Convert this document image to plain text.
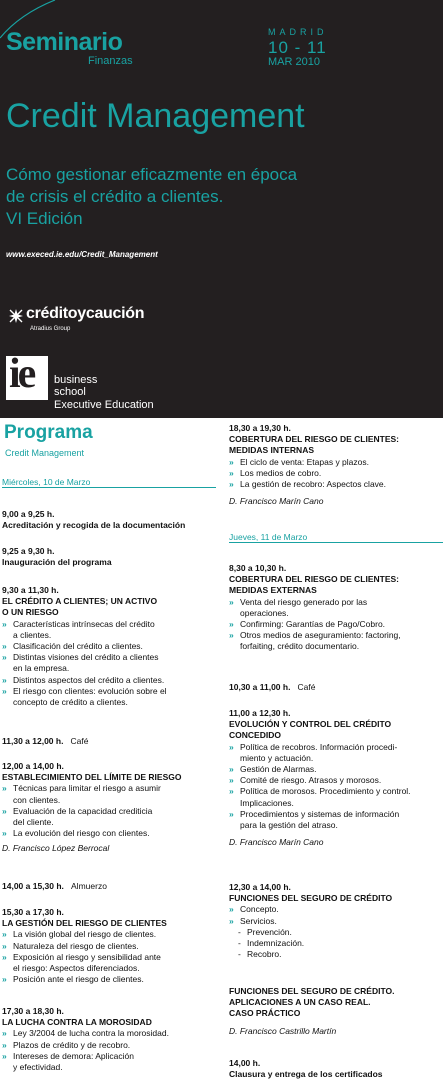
Seminario
Finanzas
MADRID
10 - 11
MAR 2010
Credit Management
Cómo gestionar eficazmente en época
de crisis el crédito a clientes.
VI Edición
www.execed.ie.edu/Credit_Management
créditoycaución
Atradius Group
ie business
school
Executive Education
Programa
Credit Management
Miércoles, 10 de Marzo
9,00 a 9,25 h.
Acreditación y recogida de la documentación
9,25 a 9,30 h.
Inauguración del programa
9,30 a 11,30 h.
EL CRÉDITO A CLIENTES; UN ACTIVO
O UN RIESGO
» Características intrínsecas del crédito
a clientes.
» Clasificación del crédito a clientes.
» Distintas visiones del crédito a clientes
en la empresa.
» Distintos aspectos del crédito a clientes.
» El riesgo con clientes: evolución sobre el
concepto de crédito a clientes.
11,30 a 12,00 h. Café
12,00 a 14,00 h.
ESTABLECIMIENTO DEL LÍMITE DE RIESGO
» Técnicas para limitar el riesgo a asumir
con clientes.
» Evaluación de la capacidad crediticia
del cliente.
» La evolución del riesgo con clientes.
D. Francisco López Berrocal
14,00 a 15,30 h. Almuerzo
15,30 a 17,30 h.
LA GESTIÓN DEL RIESGO DE CLIENTES
» La visión global del riesgo de clientes.
» Naturaleza del riesgo de clientes.
» Exposición al riesgo y sensibilidad ante
el riesgo: Aspectos diferenciados.
» Posición ante el riesgo de clientes.
17,30 a 18,30 h.
LA LUCHA CONTRA LA MOROSIDAD
» Ley 3/2004 de lucha contra la morosidad.
» Plazos de crédito y de recobro.
» Intereses de demora: Aplicación
y efectividad.
18,30 a 19,30 h.
COBERTURA DEL RIESGO DE CLIENTES:
MEDIDAS INTERNAS
» El ciclo de venta: Etapas y plazos.
» Los medios de cobro.
» La gestión de recobro: Aspectos clave.
D. Francisco Marín Cano
Jueves, 11 de Marzo
8,30 a 10,30 h.
COBERTURA DEL RIESGO DE CLIENTES:
MEDIDAS EXTERNAS
» Venta del riesgo generado por las
operaciones.
» Confirming: Garantías de Pago/Cobro.
» Otros medios de aseguramiento: factoring,
forfaiting, crédito documentario.
10,30 a 11,00 h. Café
11,00 a 12,30 h.
EVOLUCIÓN Y CONTROL DEL CRÉDITO
CONCEDIDO
» Política de recobros. Información procedi-
miento y actuación.
» Gestión de Alarmas.
» Comité de riesgo. Atrasos y morosos.
» Política de morosos. Procedimiento y control.
Implicaciones.
» Procedimientos y sistemas de información
para la gestión del atraso.
D. Francisco Marín Cano
12,30 a 14,00 h.
FUNCIONES DEL SEGURO DE CRÉDITO
» Concepto.
» Servicios.
- Prevención.
- Indemnización.
- Recobro.
FUNCIONES DEL SEGURO DE CRÉDITO.
APLICACIONES A UN CASO REAL.
CASO PRÁCTICO
D. Francisco Castrillo Martín
14,00 h.
Clausura y entrega de los certificados
